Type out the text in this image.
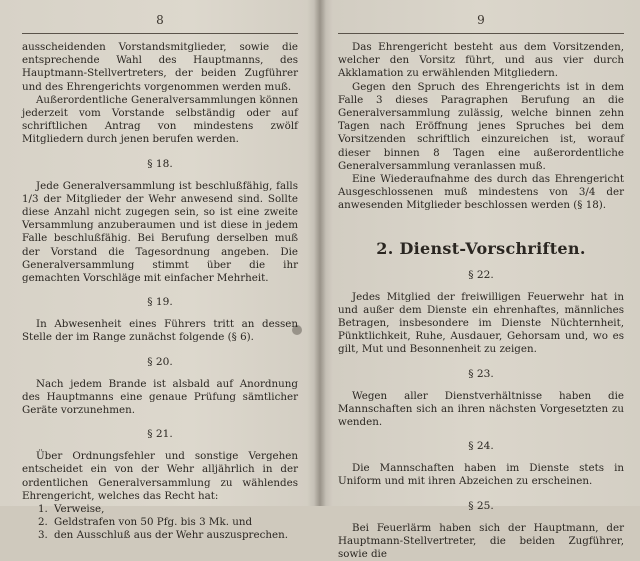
8

ausscheidenden Vorstandsmitglieder, sowie die entsprechende Wahl des Hauptmanns, des Hauptmann-Stellvertreters, der beiden Zugführer und des Ehrengerichts vorgenommen werden muß.

Außerordentliche Generalversammlungen können jederzeit vom Vorstande selbständig oder auf schriftlichen Antrag von mindestens zwölf Mitgliedern durch jenen berufen werden.

§ 18.

Jede Generalversammlung ist beschlußfähig, falls 1/3 der Mitglieder der Wehr anwesend sind. Sollte diese Anzahl nicht zugegen sein, so ist eine zweite Versammlung anzuberaumen und ist diese in jedem Falle beschlußfähig. Bei Berufung derselben muß der Vorstand die Tagesordnung angeben. Die Generalversammlung stimmt über die ihr gemachten Vorschläge mit einfacher Mehrheit.

§ 19.

In Abwesenheit eines Führers tritt an dessen Stelle der im Range zunächst folgende (§ 6).

§ 20.

Nach jedem Brande ist alsbald auf Anordnung des Hauptmanns eine genaue Prüfung sämtlicher Geräte vorzunehmen.

§ 21.

Über Ordnungsfehler und sonstige Vergehen entscheidet ein von der Wehr alljährlich in der ordentlichen Generalversammlung zu wählendes Ehrengericht, welches das Recht hat:

1. Verweise,
2. Geldstrafen von 50 Pfg. bis 3 Mk. und
3. den Ausschluß aus der Wehr auszusprechen.
9

Das Ehrengericht besteht aus dem Vorsitzenden, welcher den Vorsitz führt, und aus vier durch Akklamation zu erwählenden Mitgliedern.

Gegen den Spruch des Ehrengerichts ist in dem Falle 3 dieses Paragraphen Berufung an die Generalversammlung zulässig, welche binnen zehn Tagen nach Eröffnung jenes Spruches bei dem Vorsitzenden schriftlich einzureichen ist, worauf dieser binnen 8 Tagen eine außerordentliche Generalversammlung veranlassen muß.

Eine Wiederaufnahme des durch das Ehrengericht Ausgeschlossenen muß mindestens von 3/4 der anwesenden Mitglieder beschlossen werden (§ 18).

2. Dienst-Vorschriften.
§ 22.

Jedes Mitglied der freiwilligen Feuerwehr hat in und außer dem Dienste ein ehrenhaftes, männliches Betragen, insbesondere im Dienste Nüchternheit, Pünktlichkeit, Ruhe, Ausdauer, Gehorsam und, wo es gilt, Mut und Besonnenheit zu zeigen.

§ 23.

Wegen aller Dienstverhältnisse haben die Mannschaften sich an ihren nächsten Vorgesetzten zu wenden.

§ 24.

Die Mannschaften haben im Dienste stets in Uniform und mit ihren Abzeichen zu erscheinen.

§ 25.

Bei Feuerlärm haben sich der Hauptmann, der Hauptmann-Stellvertreter, die beiden Zugführer, sowie die
